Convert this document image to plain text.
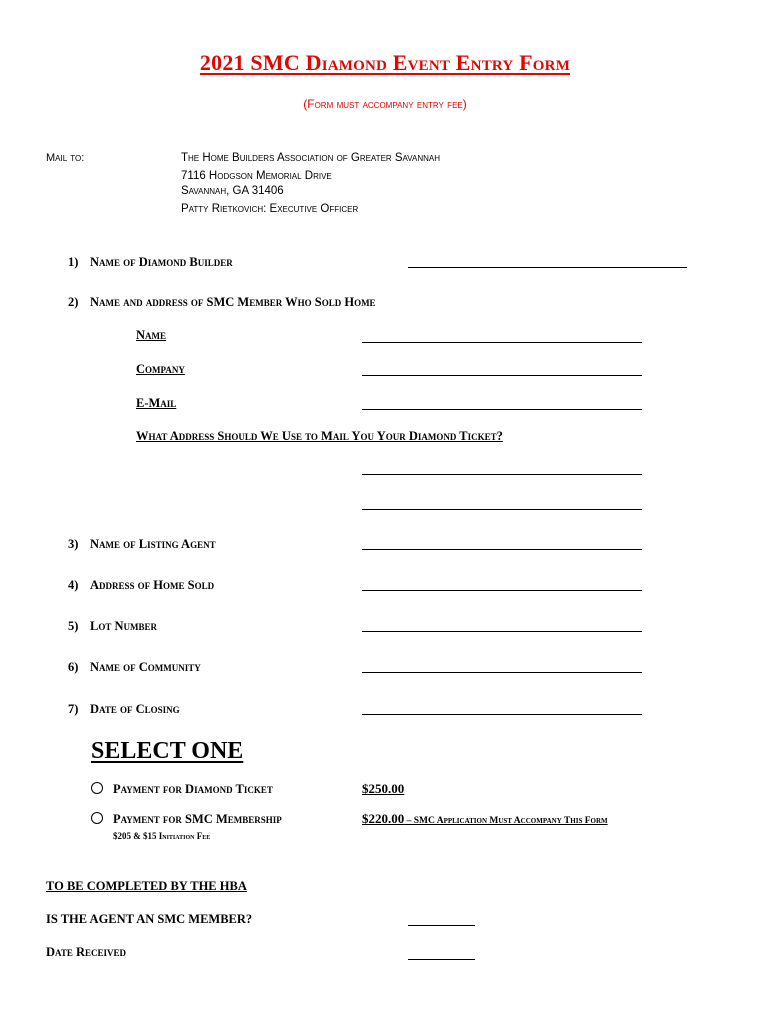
2021 SMC Diamond Event Entry Form
(Form must accompany entry fee)
Mail to:	The Home Builders Association of Greater Savannah
7116 Hodgson Memorial Drive
Savannah, GA 31406
Patty Rietkovich: Executive Officer
1) Name of Diamond Builder
2) Name and address of SMC Member Who Sold Home
Name
Company
E-Mail
What Address Should We Use to Mail You Your Diamond Ticket?
3) Name of Listing Agent
4) Address of Home Sold
5) Lot Number
6) Name of Community
7) Date of Closing
SELECT ONE
Payment for Diamond Ticket	$250.00
Payment for SMC Membership	$220.00 – SMC Application Must Accompany This Form
$205 & $15 Initiation Fee
TO BE COMPLETED BY THE HBA
IS THE AGENT AN SMC MEMBER?
Date Received
